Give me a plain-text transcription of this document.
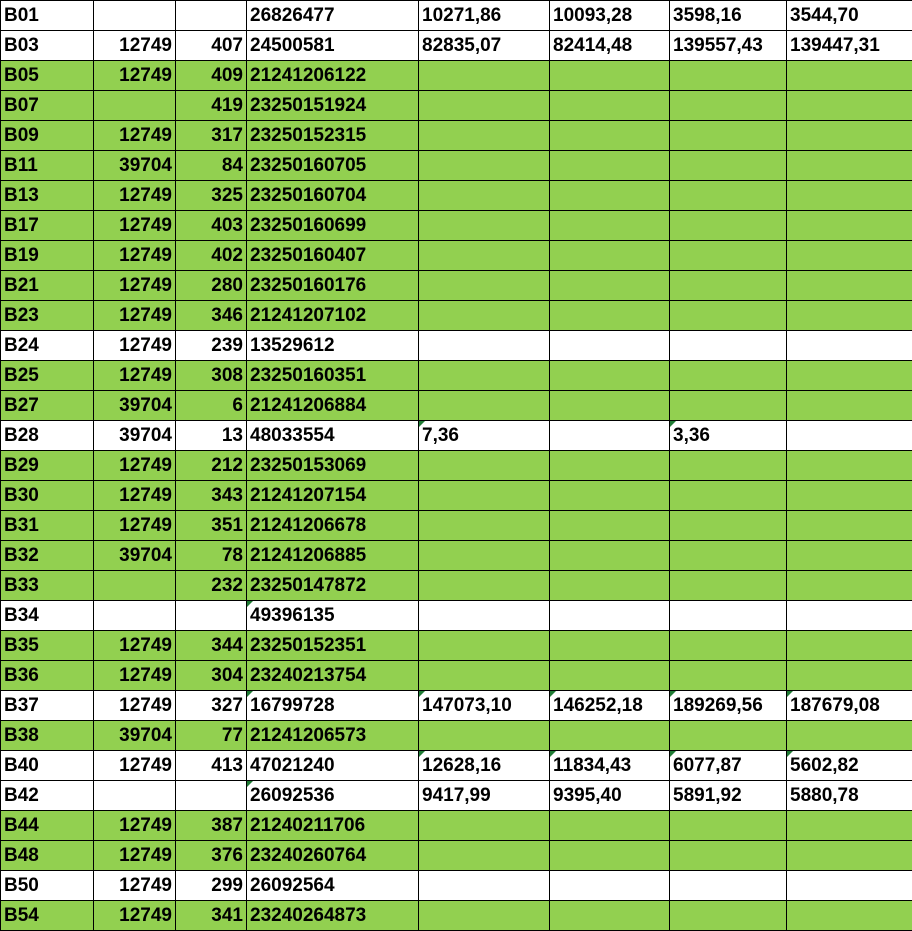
B01			26826477	10271,86	10093,28	3598,16	3544,70
B03	12749	407	24500581	82835,07	82414,48	139557,43	139447,31
B05	12749	409	21241206122				
B07		419	23250151924				
B09	12749	317	23250152315				
B11	39704	84	23250160705				
B13	12749	325	23250160704				
B17	12749	403	23250160699				
B19	12749	402	23250160407				
B21	12749	280	23250160176				
B23	12749	346	21241207102				
B24	12749	239	13529612				
B25	12749	308	23250160351				
B27	39704	6	21241206884				
B28	39704	13	48033554	7,36		3,36	
B29	12749	212	23250153069				
B30	12749	343	21241207154				
B31	12749	351	21241206678				
B32	39704	78	21241206885				
B33		232	23250147872				
B34			49396135				
B35	12749	344	23250152351				
B36	12749	304	23240213754				
B37	12749	327	16799728	147073,10	146252,18	189269,56	187679,08
B38	39704	77	21241206573				
B40	12749	413	47021240	12628,16	11834,43	6077,87	5602,82
B42			26092536	9417,99	9395,40	5891,92	5880,78
B44	12749	387	21240211706				
B48	12749	376	23240260764				
B50	12749	299	26092564				
B54	12749	341	23240264873				
